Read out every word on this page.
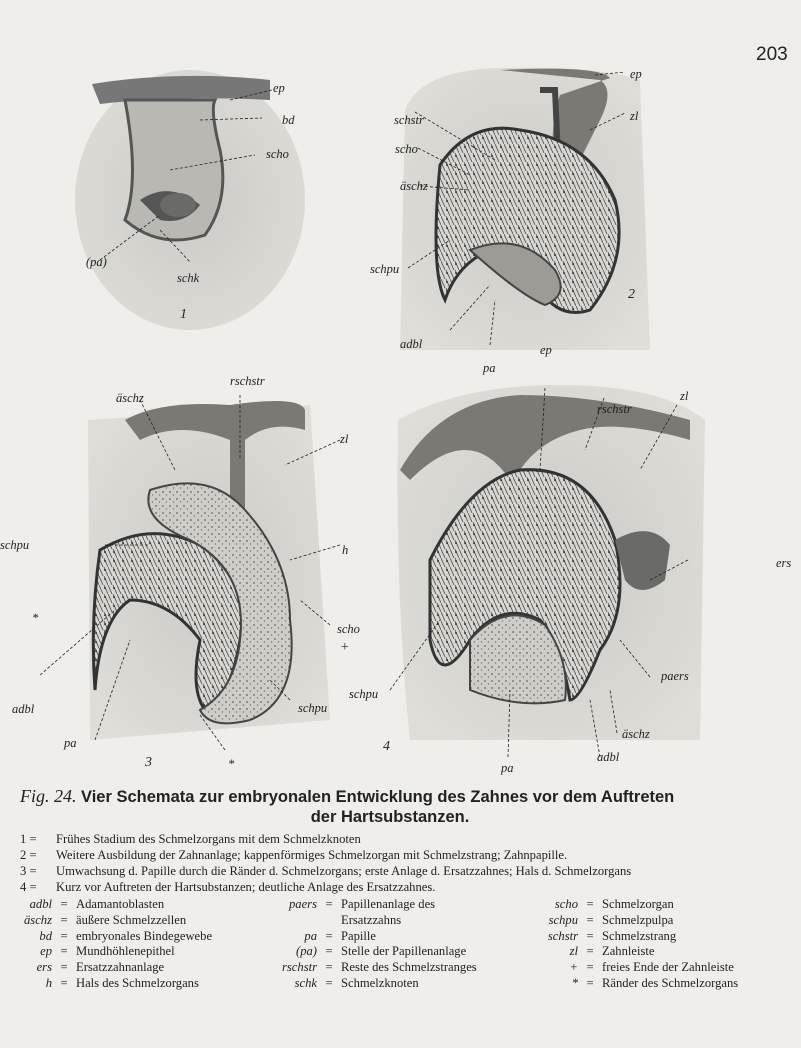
203
ep
bd
scho
(pa)
schk
1
ep
zl
schstr
scho
äschz
schpu
adbl
pa
2
rschstr
äschz
zl
h
schpu
*
adbl
pa
scho
+
schpu
3	*
ep
rschstr
zl
ers
paers
äschz
adbl
pa
schpu
4
Fig. 24. Vier Schemata zur embryonalen Entwicklung des Zahnes vor dem Auftreten
der Hartsubstanzen.
1 =	Frühes Stadium des Schmelzorgans mit dem Schmelzknoten
2 =	Weitere Ausbildung der Zahnanlage; kappenförmiges Schmelzorgan mit Schmelzstrang; Zahnpapille.
3 =	Umwachsung d. Papille durch die Ränder d. Schmelzorgans; erste Anlage d. Ersatzzahnes; Hals d. Schmelzorgans
4 =	Kurz vor Auftreten der Hartsubstanzen; deutliche Anlage des Ersatzzahnes.
adbl = Adamantoblasten
äschz = äußere Schmelzzellen
bd = embryonales Bindegewebe
ep = Mundhöhlenepithel
ers = Ersatzzahnanlage
h = Hals des Schmelzorgans
paers = Papillenanlage des
Ersatzzahns
pa = Papille
(pa) = Stelle der Papillenanlage
rschstr = Reste des Schmelzstranges
schk = Schmelzknoten
scho = Schmelzorgan
schpu = Schmelzpulpa
schstr = Schmelzstrang
zl = Zahnleiste
+ = freies Ende der Zahnleiste
* = Ränder des Schmelzorgans
